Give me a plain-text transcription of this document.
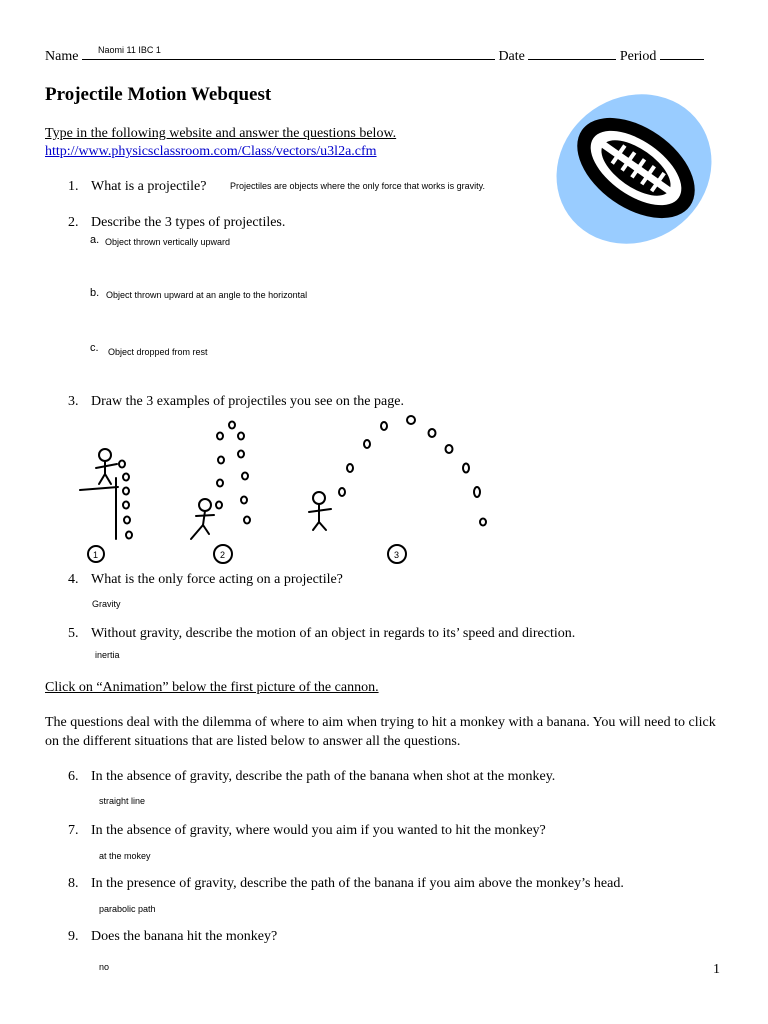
Name	Date	Period
Naomi 11 IBC 1
Projectile Motion Webquest
Type in the following website and answer the questions below.
http://www.physicsclassroom.com/Class/vectors/u3l2a.cfm
1. What is a projectile?	Projectiles are objects where the only force that works is gravity.
2. Describe the 3 types of projectiles.
a. Object thrown vertically upward
b. Object thrown upward at an angle to the horizontal
c. Object dropped from rest
3. Draw the 3 examples of projectiles you see on the page.
1	2	3
4. What is the only force acting on a projectile?
Gravity
5. Without gravity, describe the motion of an object in regards to its’ speed and direction.
inertia
Click on “Animation” below the first picture of the cannon.
The questions deal with the dilemma of where to aim when trying to hit a monkey with a banana. You will need to click on the different situations that are listed below to answer all the questions.
6. In the absence of gravity, describe the path of the banana when shot at the monkey.
straight line
7. In the absence of gravity, where would you aim if you wanted to hit the monkey?
at the mokey
8. In the presence of gravity, describe the path of the banana if you aim above the monkey’s head.
parabolic path
9. Does the banana hit the monkey?
no	1
